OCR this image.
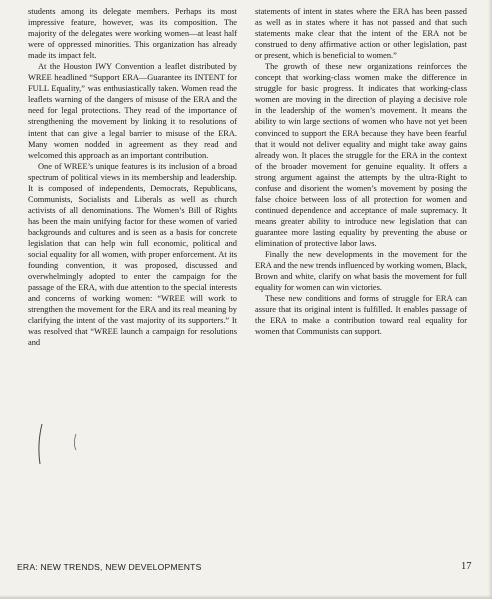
students among its delegate members. Perhaps its most impressive feature, however, was its composition. The majority of the delegates were working women—at least half were of oppressed minorities. This organization has already made its impact felt.

At the Houston IWY Convention a leaflet distributed by WREE headlined “Support ERA—Guarantee its INTENT for FULL Equality,” was enthusiastically taken. Women read the leaflets warning of the dangers of misuse of the ERA and the need for legal protections. They read of the importance of strengthening the movement by linking it to resolutions of intent that can give a legal barrier to misuse of the ERA. Many women nodded in agreement as they read and welcomed this approach as an important contribution.

One of WREE’s unique features is its inclusion of a broad spectrum of political views in its membership and leadership. It is composed of independents, Democrats, Republicans, Communists, Socialists and Liberals as well as church activists of all denominations. The Women’s Bill of Rights has been the main unifying factor for these women of varied backgrounds and cultures and is seen as a basis for concrete legislation that can help win full economic, political and social equality for all women, with proper enforcement. At its founding convention, it was proposed, discussed and overwhelmingly adopted to enter the campaign for the passage of the ERA, with due attention to the special interests and concerns of working women: “WREE will work to strengthen the movement for the ERA and its real meaning by clarifying the intent of the vast majority of its supporters.” It was resolved that “WREE launch a campaign for resolutions and

statements of intent in states where the ERA has been passed as well as in states where it has not passed and that such statements make clear that the intent of the ERA not be construed to deny affirmative action or other legislation, past or present, which is beneficial to women.”

The growth of these new organizations reinforces the concept that working-class women make the difference in struggle for basic progress. It indicates that working-class women are moving in the direction of playing a decisive role in the leadership of the women’s movement. It means the ability to win large sections of women who have not yet been convinced to support the ERA because they have been fearful that it would not deliver equality and might take away gains already won. It places the struggle for the ERA in the context of the broader movement for genuine equality. It offers a strong argument against the attempts by the ultra-Right to confuse and disorient the women’s movement by posing the false choice between loss of all protection for women and continued dependence and acceptance of male supremacy. It means greater ability to introduce new legislation that can guarantee more lasting equality by preventing the abuse or elimination of protective labor laws.

Finally the new developments in the movement for the ERA and the new trends influenced by working women, Black, Brown and white, clarify on what basis the movement for full equality for women can win victories.

These new conditions and forms of struggle for ERA can assure that its original intent is fulfilled. It enables passage of the ERA to make a contribution toward real equality for women that Communists can support.

ERA: NEW TRENDS, NEW DEVELOPMENTS	17
